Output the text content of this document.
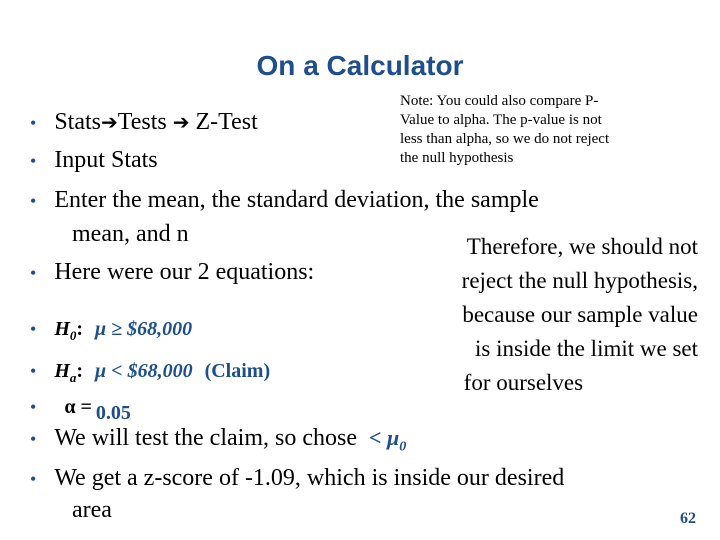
On a Calculator
Note: You could also compare P-
Value to alpha. The p-value is not
less than alpha, so we do not reject
the null hypothesis
• Stats➔Tests ➔ Z-Test
• Input Stats
• Enter the mean, the standard deviation, the sample
mean, and n	Therefore, we should not
reject the null hypothesis,
because our sample value
is inside the limit we set
for ourselves
• Here were our 2 equations:
• $H_0$: μ ≥ $68,000
• $H_a$: μ < $68,000 (Claim)
• α = 0.05
• We will test the claim, so chose < $\mu_0$
• We get a z-score of -1.09, which is inside our desired
area	62
